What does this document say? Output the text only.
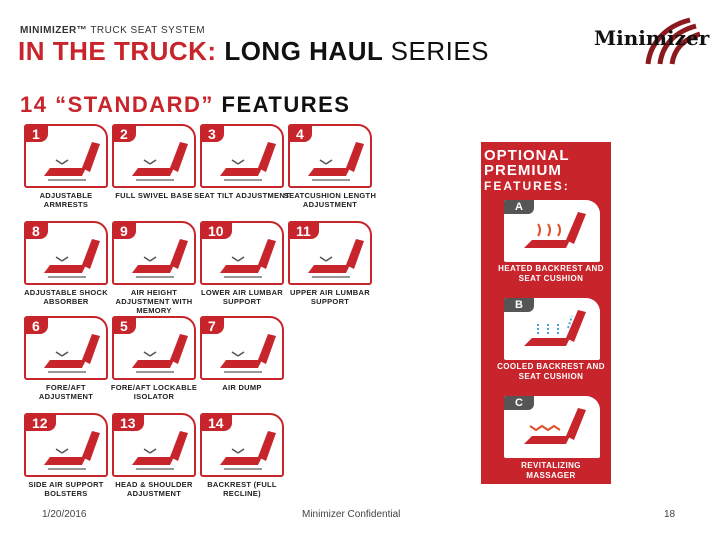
MINIMIZER™ TRUCK SEAT SYSTEM
IN THE TRUCK: LONG HAUL SERIES	Minimizer
14 “STANDARD” FEATURES
1
ADJUSTABLE ARMRESTS
2
FULL SWIVEL BASE
3
SEAT TILT ADJUSTMENT
4
SEATCUSHION LENGTH ADJUSTMENT
8
ADJUSTABLE SHOCK ABSORBER
9
AIR HEIGHT ADJUSTMENT WITH MEMORY
10
LOWER AIR LUMBAR SUPPORT
11
UPPER AIR LUMBAR SUPPORT
6
FORE/AFT ADJUSTMENT
5
FORE/AFT LOCKABLE ISOLATOR
7
AIR DUMP
12
SIDE AIR SUPPORT BOLSTERS
13
HEAD & SHOULDER ADJUSTMENT
14
BACKREST (FULL RECLINE)
OPTIONAL
PREMIUM
FEATURES:
A
HEATED BACKREST AND SEAT CUSHION
B
COOLED BACKREST AND SEAT CUSHION
C
REVITALIZING MASSAGER
1/20/2016	Minimizer Confidential	18
